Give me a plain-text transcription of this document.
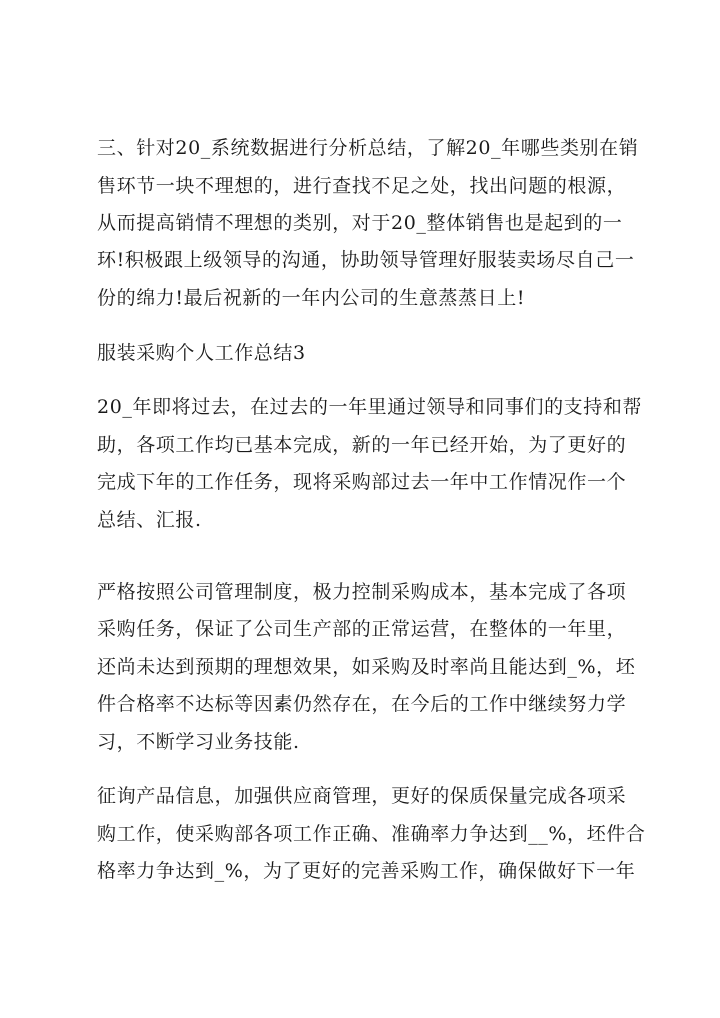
三、针对20_系统数据进行分析总结，了解20_年哪些类别在销
售环节一块不理想的，进行查找不足之处，找出问题的根源，
从而提高销情不理想的类别，对于20_整体销售也是起到的一
环!积极跟上级领导的沟通，协助领导管理好服装卖场尽自己一
份的绵力!最后祝新的一年内公司的生意蒸蒸日上!
服装采购个人工作总结3
20_年即将过去，在过去的一年里通过领导和同事们的支持和帮
助，各项工作均已基本完成，新的一年已经开始，为了更好的
完成下年的工作任务，现将采购部过去一年中工作情况作一个
总结、汇报.
严格按照公司管理制度，极力控制采购成本，基本完成了各项
采购任务，保证了公司生产部的正常运营，在整体的一年里，
还尚未达到预期的理想效果，如采购及时率尚且能达到_%，坯
件合格率不达标等因素仍然存在，在今后的工作中继续努力学
习，不断学习业务技能.
征询产品信息，加强供应商管理，更好的保质保量完成各项采
购工作，使采购部各项工作正确、准确率力争达到__%，坯件合
格率力争达到_%，为了更好的完善采购工作，确保做好下一年
